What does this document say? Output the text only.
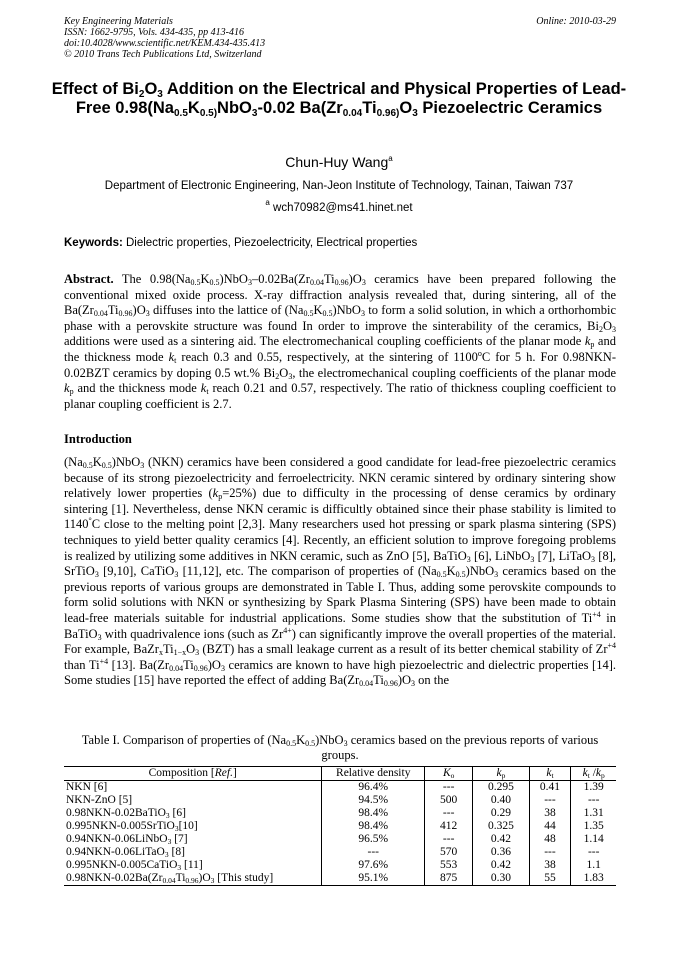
Key Engineering Materials
ISSN: 1662-9795, Vols. 434-435, pp 413-416
doi:10.4028/www.scientific.net/KEM.434-435.413
© 2010 Trans Tech Publications Ltd, Switzerland
Online: 2010-03-29
Effect of $Bi_2O_3$ Addition on the Electrical and Physical Properties of Lead-Free $0.98(Na_{0.5}K_{0.5)}NbO_3-0.02$ $Ba(Zr_{0.04}Ti_{0.96)}O_3$ Piezoelectric Ceramics
Chun-Huy Wang$^a$
Department of Electronic Engineering, Nan-Jeon Institute of Technology, Tainan, Taiwan 737
$^a$ wch70982@ms41.hinet.net
Keywords: Dielectric properties, Piezoelectricity, Electrical properties
Abstract. The $0.98(Na_{0.5}K_{0.5})NbO_3-0.02Ba(Zr_{0.04}Ti_{0.96})O_3$ ceramics have been prepared following the conventional mixed oxide process. X-ray diffraction analysis revealed that, during sintering, all of the $Ba(Zr_{0.04}Ti_{0.96})O_3$ diffuses into the lattice of $(Na_{0.5}K_{0.5})NbO_3$ to form a solid solution, in which a orthorhombic phase with a perovskite structure was found In order to improve the sinterability of the ceramics, $Bi_2O_3$ additions were used as a sintering aid. The electromechanical coupling coefficients of the planar mode $k_p$ and the thickness mode $k_t$ reach 0.3 and 0.55, respectively, at the sintering of 1100$^o$C for 5 h. For 0.98NKN-0.02BZT ceramics by doping 0.5 wt.% $Bi_2O_3$, the electromechanical coupling coefficients of the planar mode $k_p$ and the thickness mode $k_t$ reach 0.21 and 0.57, respectively. The ratio of thickness coupling coefficient to planar coupling coefficient is 2.7.
Introduction
$(Na_{0.5}K_{0.5})NbO_3$ (NKN) ceramics have been considered a good candidate for lead-free piezoelectric ceramics because of its strong piezoelectricity and ferroelectricity. NKN ceramic sintered by ordinary sintering show relatively lower properties $(k_p=25\%)$ due to difficulty in the processing of dense ceramics by ordinary sintering [1]. Nevertheless, dense NKN ceramic is difficultly obtained since their phase stability is limited to 1140°C close to the melting point [2,3]. Many researchers used hot pressing or spark plasma sintering (SPS) techniques to yield better quality ceramics [4]. Recently, an efficient solution to improve foregoing problems is realized by utilizing some additives in NKN ceramic, such as ZnO [5], BaTiO$_3$ [6], LiNbO$_3$ [7], LiTaO$_3$ [8], SrTiO$_3$ [9,10], CaTiO$_3$ [11,12], etc. The comparison of properties of $(Na_{0.5}K_{0.5})NbO_3$ ceramics based on the previous reports of various groups are demonstrated in Table I. Thus, adding some perovskite compounds to form solid solutions with NKN or synthesizing by Spark Plasma Sintering (SPS) have been made to obtain lead-free materials suitable for industrial applications. Some studies show that the substitution of $Ti^{+4}$ in BaTiO$_3$ with quadrivalence ions (such as $Zr^{4+}$) can significantly improve the overall properties of the material. For example, $BaZr_xTi_{1-x}O_3$ (BZT) has a small leakage current as a result of its better chemical stability of $Zr^{+4}$ than $Ti^{+4}$ [13]. $Ba(Zr_{0.04}Ti_{0.96})O_3$ ceramics are known to have high piezoelectric and dielectric properties [14]. Some studies [15] have reported the effect of adding $Ba(Zr_{0.04}Ti_{0.96})O_3$ on the
Table I. Comparison of properties of $(Na_{0.5}K_{0.5})NbO_3$ ceramics based on the previous reports of various groups.
Composition [Ref.]	Relative density	$K_o$	$k_p$	$k_t$	$k_t$ $/k_p$
NKN [6]	96.4%	---	0.295	0.41	1.39
NKN-ZnO [5]	94.5%	500	0.40	---	---
0.98NKN-0.02BaTiO$_3$ [6]	98.4%	---	0.29	38	1.31
0.995NKN-0.005SrTiO$_3$[10]	98.4%	412	0.325	44	1.35
0.94NKN-0.06LiNbO$_3$ [7]	96.5%	---	0.42	48	1.14
0.94NKN-0.06LiTaO$_3$ [8]	---	570	0.36	---	---
0.995NKN-0.005CaTiO$_3$ [11]	97.6%	553	0.42	38	1.1
$0.98NKN-0.02Ba(Zr_{0.04}Ti_{0.96})O_3$ [This study]	95.1%	875	0.30	55	1.83
